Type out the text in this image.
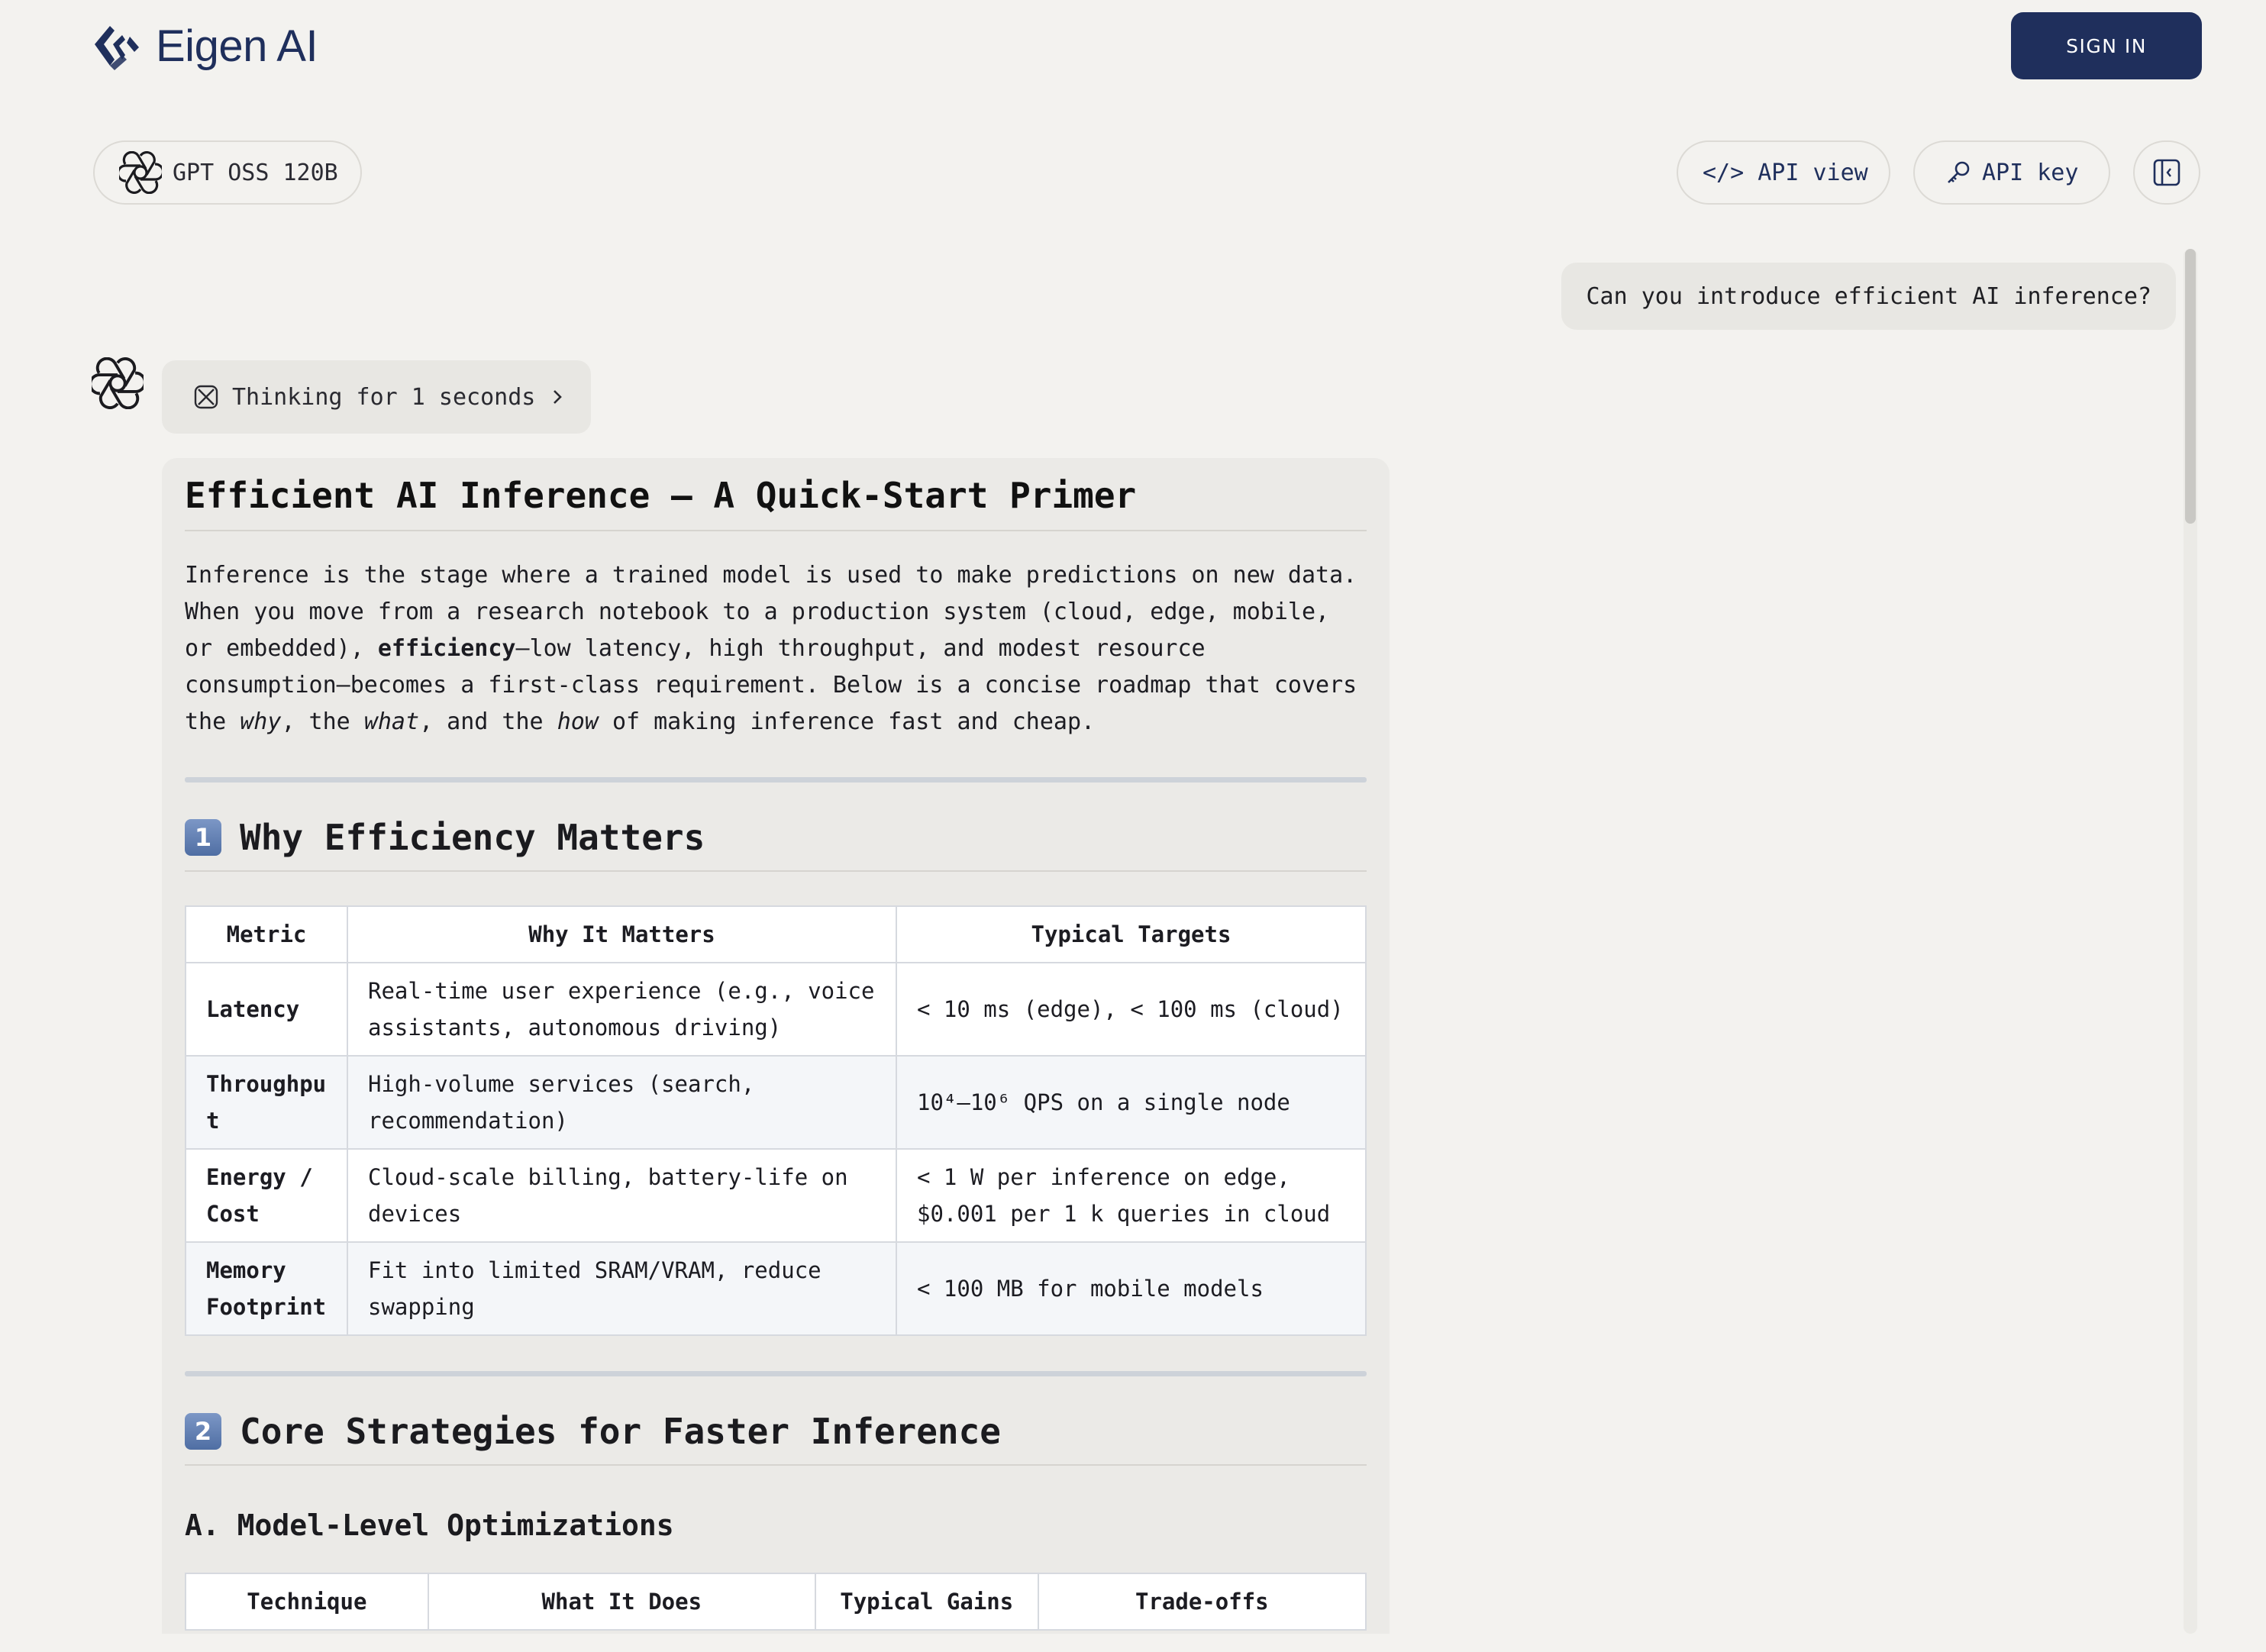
Eigen AI	SIGN IN
GPT OSS 120B	</> API view	API key
Can you introduce efficient AI inference?
Thinking for 1 seconds
Efficient AI Inference – A Quick-Start Primer
Inference is the stage where a trained model is used to make predictions on new data. When you move from a research notebook to a production system (cloud, edge, mobile, or embedded), efficiency—low latency, high throughput, and modest resource consumption—becomes a first-class requirement. Below is a concise roadmap that covers the why, the what, and the how of making inference fast and cheap.
1 Why Efficiency Matters
Metric	Why It Matters	Typical Targets
Latency	Real-time user experience (e.g., voice assistants, autonomous driving)	< 10 ms (edge), < 100 ms (cloud)
Throughput	High-volume services (search, recommendation)	10⁴–10⁶ QPS on a single node
Energy / Cost	Cloud-scale billing, battery-life on devices	< 1 W per inference on edge, $0.001 per 1 k queries in cloud
Memory Footprint	Fit into limited SRAM/VRAM, reduce swapping	< 100 MB for mobile models
2 Core Strategies for Faster Inference
A. Model-Level Optimizations
Technique	What It Does	Typical Gains	Trade-offs
